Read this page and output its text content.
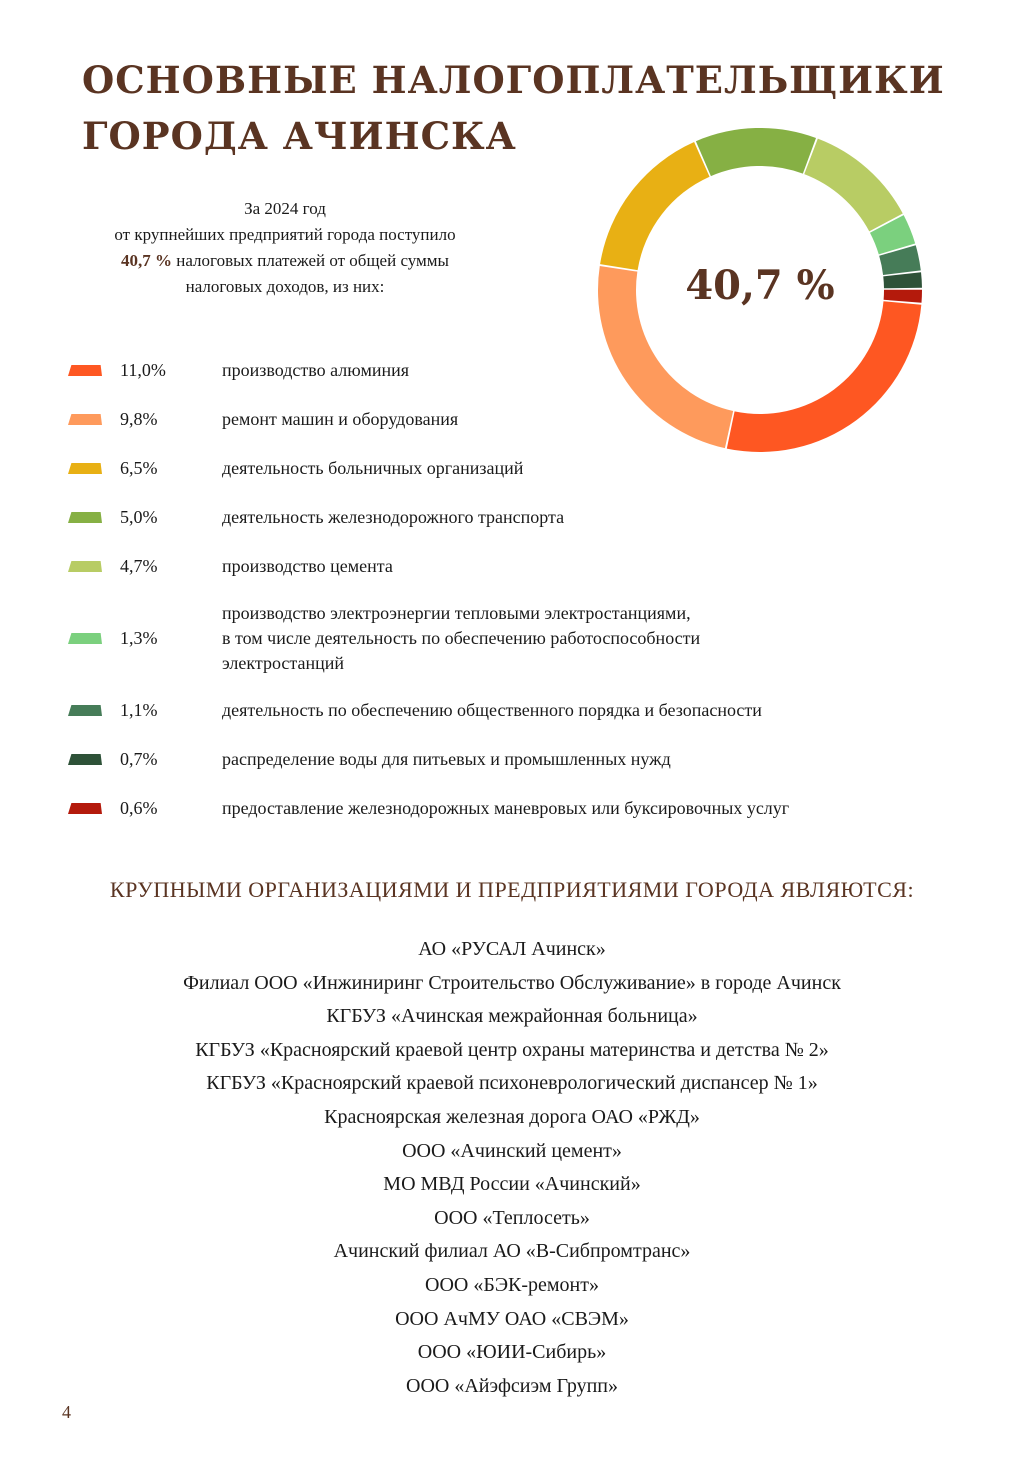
ОСНОВНЫЕ НАЛОГОПЛАТЕЛЬЩИКИ
ГОРОДА АЧИНСКА
За 2024 год
от крупнейших предприятий города поступило
40,7 % налоговых платежей от общей суммы
налоговых доходов, из них:	40,7 %
11,0%	производство алюминия
9,8%	ремонт машин и оборудования
6,5%	деятельность больничных организаций
5,0%	деятельность железнодорожного транспорта
4,7%	производство цемента
1,3%
производство электроэнергии тепловыми электростанциями,
в том числе деятельность по обеспечению работоспособности
электростанций
1,1%	деятельность по обеспечению общественного порядка и безопасности
0,7%	распределение воды для питьевых и промышленных нужд
0,6%	предоставление железнодорожных маневровых или буксировочных услуг
КРУПНЫМИ ОРГАНИЗАЦИЯМИ И ПРЕДПРИЯТИЯМИ ГОРОДА ЯВЛЯЮТСЯ:
АО «РУСАЛ Ачинск»
Филиал ООО «Инжиниринг Строительство Обслуживание» в городе Ачинск
КГБУЗ «Ачинская межрайонная больница»
КГБУЗ «Красноярский краевой центр охраны материнства и детства № 2»
КГБУЗ «Красноярский краевой психоневрологический диспансер № 1»
Красноярская железная дорога ОАО «РЖД»
ООО «Ачинский цемент»
МО МВД России «Ачинский»
ООО «Теплосеть»
Ачинский филиал АО «В-Сибпромтранс»
ООО «БЭК-ремонт»
ООО АчМУ ОАО «СВЭМ»
ООО «ЮИИ-Сибирь»
ООО «Айэфсиэм Групп»
4
